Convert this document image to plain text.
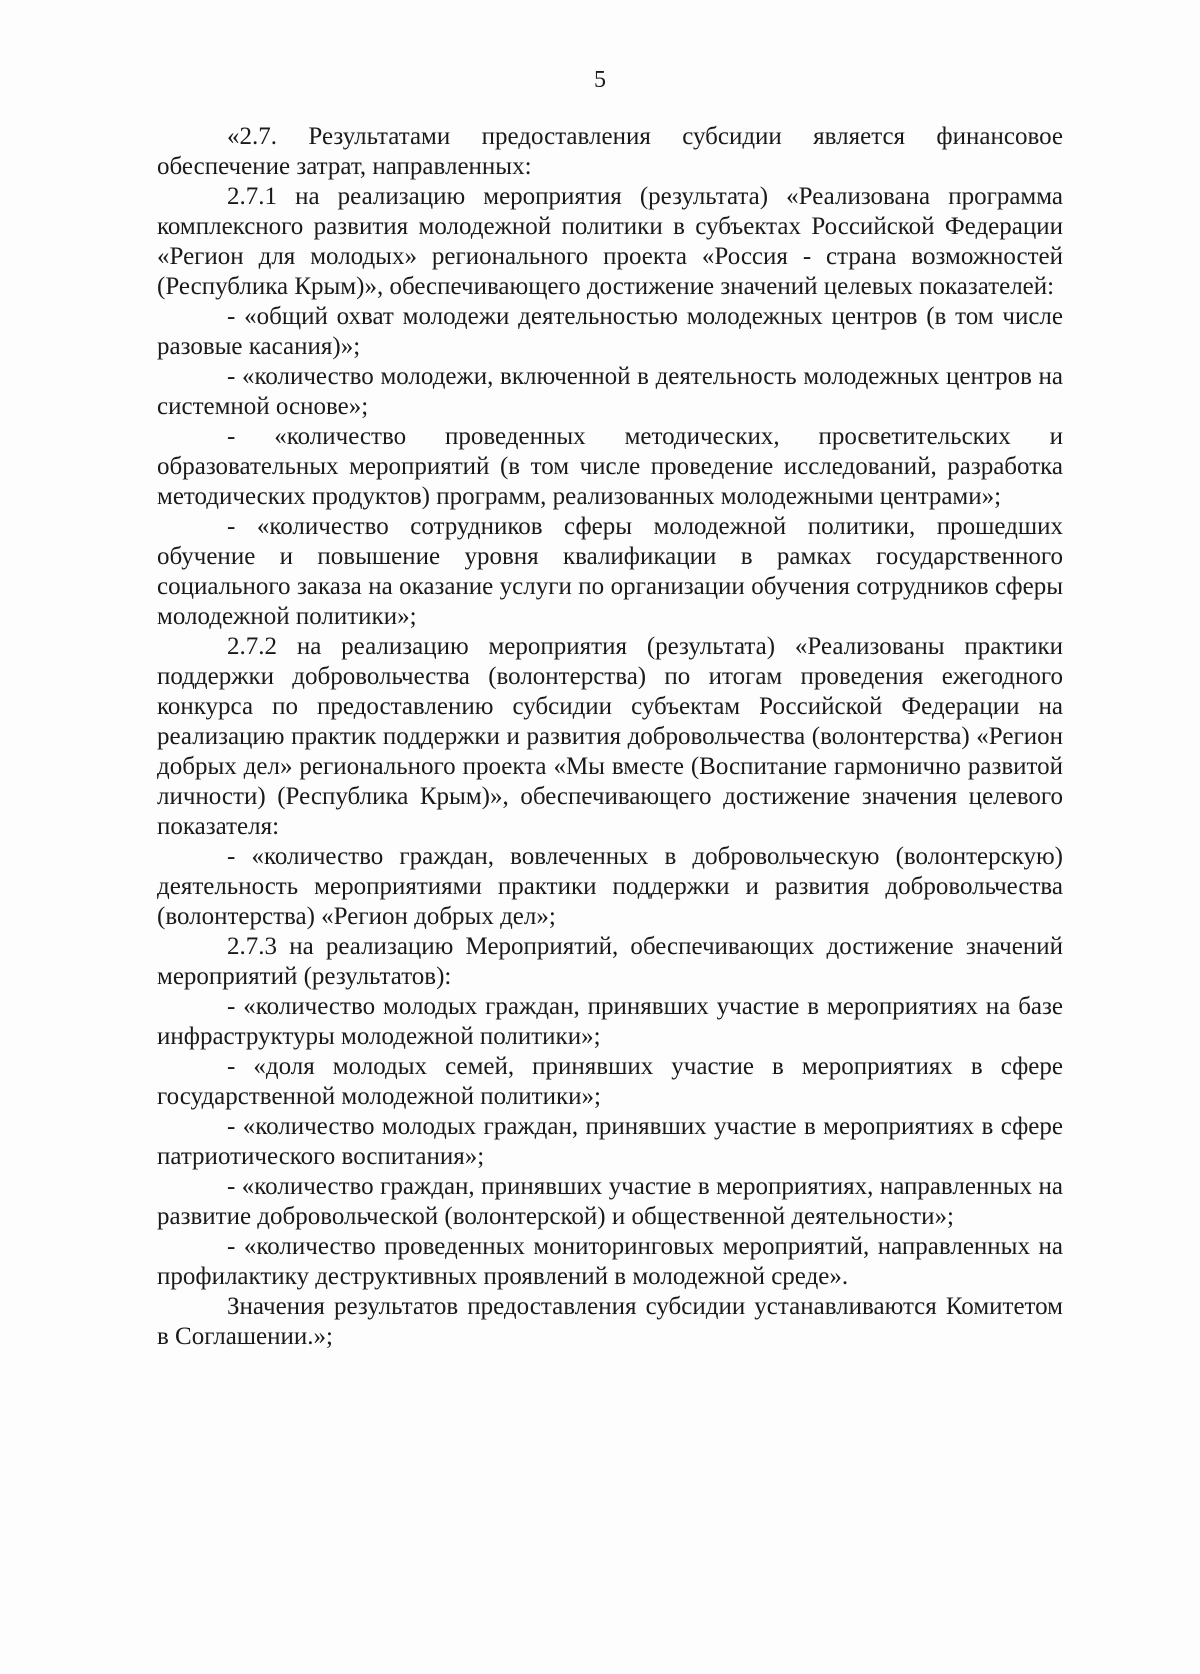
5

«2.7. Результатами предоставления субсидии является финансовое обеспечение затрат, направленных:

2.7.1 на реализацию мероприятия (результата) «Реализована программа комплексного развития молодежной политики в субъектах Российской Федерации «Регион для молодых» регионального проекта «Россия - страна возможностей (Республика Крым)», обеспечивающего достижение значений целевых показателей:

- «общий охват молодежи деятельностью молодежных центров (в том числе разовые касания)»;

- «количество молодежи, включенной в деятельность молодежных центров на системной основе»;

- «количество проведенных методических, просветительских и образовательных мероприятий (в том числе проведение исследований, разработка методических продуктов) программ, реализованных молодежными центрами»;

- «количество сотрудников сферы молодежной политики, прошедших обучение и повышение уровня квалификации в рамках государственного социального заказа на оказание услуги по организации обучения сотрудников сферы молодежной политики»;

2.7.2 на реализацию мероприятия (результата) «Реализованы практики поддержки добровольчества (волонтерства) по итогам проведения ежегодного конкурса по предоставлению субсидии субъектам Российской Федерации на реализацию практик поддержки и развития добровольчества (волонтерства) «Регион добрых дел» регионального проекта «Мы вместе (Воспитание гармонично развитой личности) (Республика Крым)», обеспечивающего достижение значения целевого показателя:

- «количество граждан, вовлеченных в добровольческую (волонтерскую) деятельность мероприятиями практики поддержки и развития добровольчества (волонтерства) «Регион добрых дел»;

2.7.3 на реализацию Мероприятий, обеспечивающих достижение значений мероприятий (результатов):

- «количество молодых граждан, принявших участие в мероприятиях на базе инфраструктуры молодежной политики»;

- «доля молодых семей, принявших участие в мероприятиях в сфере государственной молодежной политики»;

- «количество молодых граждан, принявших участие в мероприятиях в сфере патриотического воспитания»;

- «количество граждан, принявших участие в мероприятиях, направленных на развитие добровольческой (волонтерской) и общественной деятельности»;

- «количество проведенных мониторинговых мероприятий, направленных на профилактику деструктивных проявлений в молодежной среде».

Значения результатов предоставления субсидии устанавливаются Комитетом в Соглашении.»;
